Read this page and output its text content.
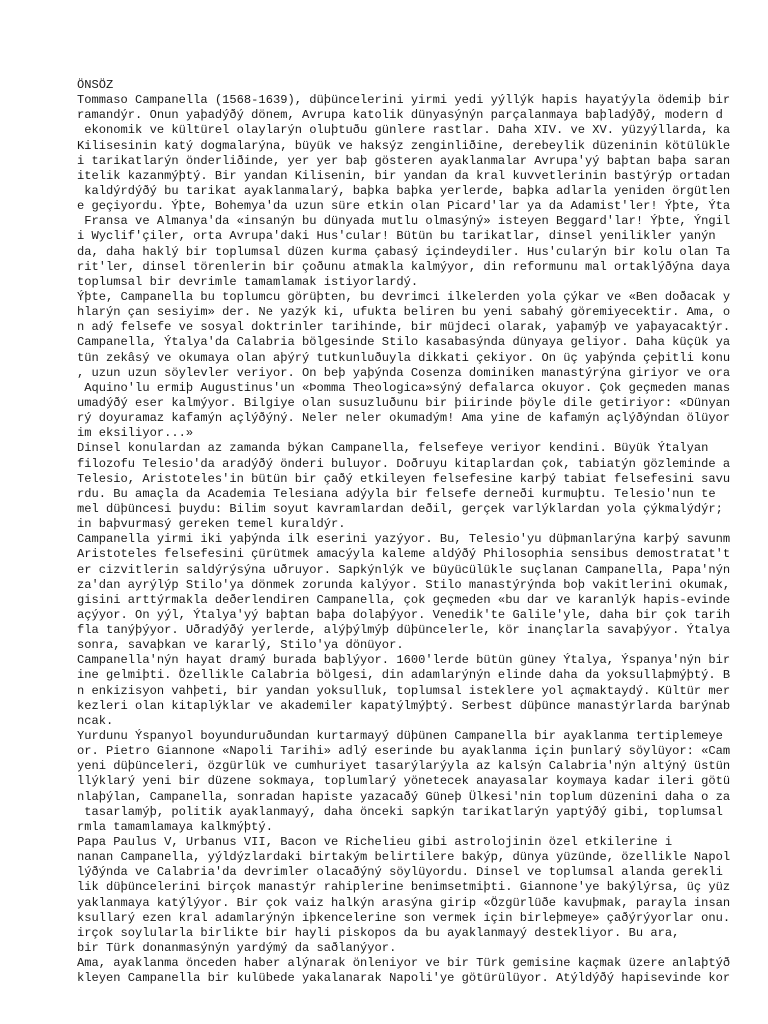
ÖNSÖZ
Tommaso Campanella (1568-1639), düþüncelerini yirmi yedi yýllýk hapis hayatýyla ödemiþ bir
ramandýr. Onun yaþadýðý dönem, Avrupa katolik dünyasýnýn parçalanmaya baþladýðý, modern d
ekonomik ve kültürel olaylarýn oluþtuðu günlere rastlar. Daha XIV. ve XV. yüzyýllarda, ka
Kilisesinin katý dogmalarýna, büyük ve haksýz zenginliðine, derebeylik düzeninin kötülükle
i tarikatlarýn önderliðinde, yer yer baþ gösteren ayaklanmalar Avrupa'yý baþtan baþa saran
itelik kazanmýþtý. Bir yandan Kilisenin, bir yandan da kral kuvvetlerinin bastýrýp ortadan
kaldýrdýðý bu tarikat ayaklanmalarý, baþka baþka yerlerde, baþka adlarla yeniden örgütlen
e geçiyordu. Ýþte, Bohemya'da uzun süre etkin olan Picard'lar ya da Adamist'ler! Ýþte, Ýta
Fransa ve Almanya'da «insanýn bu dünyada mutlu olmasýný» isteyen Beggard'lar! Ýþte, Ýngil
i Wyclif'çiler, orta Avrupa'daki Hus'cular! Bütün bu tarikatlar, dinsel yenilikler yanýn
da, daha haklý bir toplumsal düzen kurma çabasý içindeydiler. Hus'cularýn bir kolu olan Ta
rit'ler, dinsel törenlerin bir çoðunu atmakla kalmýyor, din reformunu mal ortaklýðýna daya
toplumsal bir devrimle tamamlamak istiyorlardý.
Ýþte, Campanella bu toplumcu görüþten, bu devrimci ilkelerden yola çýkar ve «Ben doðacak y
hlarýn çan sesiyim» der. Ne yazýk ki, ufukta beliren bu yeni sabahý göremiyecektir. Ama, o
n adý felsefe ve sosyal doktrinler tarihinde, bir müjdeci olarak, yaþamýþ ve yaþayacaktýr.
Campanella, Ýtalya'da Calabria bölgesinde Stilo kasabasýnda dünyaya geliyor. Daha küçük ya
tün zekâsý ve okumaya olan aþýrý tutkunluðuyla dikkati çekiyor. On üç yaþýnda çeþitli konu
, uzun uzun söylevler veriyor. On beþ yaþýnda Cosenza dominiken manastýrýna giriyor ve ora
Aquino'lu ermiþ Augustinus'un «Þomma Theologica»sýný defalarca okuyor. Çok geçmeden manas
umadýðý eser kalmýyor. Bilgiye olan susuzluðunu bir þiirinde þöyle dile getiriyor: «Dünyan
rý doyuramaz kafamýn açlýðýný. Neler neler okumadým! Ama yine de kafamýn açlýðýndan ölüyor
im eksiliyor...»
Dinsel konulardan az zamanda býkan Campanella, felsefeye veriyor kendini. Büyük Ýtalyan
filozofu Telesio'da aradýðý önderi buluyor. Doðruyu kitaplardan çok, tabiatýn gözleminde a
Telesio, Aristoteles'in bütün bir çaðý etkileyen felsefesine karþý tabiat felsefesini savu
rdu. Bu amaçla da Academia Telesiana adýyla bir felsefe derneði kurmuþtu. Telesio'nun te
mel düþüncesi þuydu: Bilim soyut kavramlardan deðil, gerçek varlýklardan yola çýkmalýdýr;
in baþvurmasý gereken temel kuraldýr.
Campanella yirmi iki yaþýnda ilk eserini yazýyor. Bu, Telesio'yu düþmanlarýna karþý savunm
Aristoteles felsefesini çürütmek amacýyla kaleme aldýðý Philosophia sensibus demostratat't
er cizvitlerin saldýrýsýna uðruyor. Sapkýnlýk ve büyücülükle suçlanan Campanella, Papa'nýn
za'dan ayrýlýp Stilo'ya dönmek zorunda kalýyor. Stilo manastýrýnda boþ vakitlerini okumak,
gisini arttýrmakla deðerlendiren Campanella, çok geçmeden «bu dar ve karanlýk hapis-evinde
açýyor. On yýl, Ýtalya'yý baþtan baþa dolaþýyor. Venedik'te Galile'yle, daha bir çok tarih
fla tanýþýyor. Uðradýðý yerlerde, alýþýlmýþ düþüncelerle, kör inançlarla savaþýyor. Ýtalya
sonra, savaþkan ve kararlý, Stilo'ya dönüyor.
Campanella'nýn hayat dramý burada baþlýyor. 1600'lerde bütün güney Ýtalya, Ýspanya'nýn bir
ine gelmiþti. Özellikle Calabria bölgesi, din adamlarýnýn elinde daha da yoksullaþmýþtý. B
n enkizisyon vahþeti, bir yandan yoksulluk, toplumsal isteklere yol açmaktaydý. Kültür mer
kezleri olan kitaplýklar ve akademiler kapatýlmýþtý. Serbest düþünce manastýrlarda barýnab
ncak.
Yurdunu Ýspanyol boyunduruðundan kurtarmayý düþünen Campanella bir ayaklanma tertiplemeye
or. Pietro Giannone «Napoli Tarihi» adlý eserinde bu ayaklanma için þunlarý söylüyor: «Cam
yeni düþünceleri, özgürlük ve cumhuriyet tasarýlarýyla az kalsýn Calabria'nýn altýný üstün
llýklarý yeni bir düzene sokmaya, toplumlarý yönetecek anayasalar koymaya kadar ileri götü
nlaþýlan, Campanella, sonradan hapiste yazacaðý Güneþ Ülkesi'nin toplum düzenini daha o za
tasarlamýþ, politik ayaklanmayý, daha önceki sapkýn tarikatlarýn yaptýðý gibi, toplumsal
rmla tamamlamaya kalkmýþtý.
Papa Paulus V, Urbanus VII, Bacon ve Richelieu gibi astrolojinin özel etkilerine i
nanan Campanella, yýldýzlardaki birtakým belirtilere bakýp, dünya yüzünde, özellikle Napol
lýðýnda ve Calabria'da devrimler olacaðýný söylüyordu. Dinsel ve toplumsal alanda gerekli
lik düþüncelerini birçok manastýr rahiplerine benimsetmiþti. Giannone'ye bakýlýrsa, üç yüz
yaklanmaya katýlýyor. Bir çok vaiz halkýn arasýna girip «Özgürlüðe kavuþmak, parayla insan
ksullarý ezen kral adamlarýnýn iþkencelerine son vermek için birleþmeye» çaðýrýyorlar onu.
irçok soylularla birlikte bir hayli piskopos da bu ayaklanmayý destekliyor. Bu ara,
bir Türk donanmasýnýn yardýmý da saðlanýyor.
Ama, ayaklanma önceden haber alýnarak önleniyor ve bir Türk gemisine kaçmak üzere anlaþtýð
kleyen Campanella bir kulübede yakalanarak Napoli'ye götürülüyor. Atýldýðý hapisevinde kor
